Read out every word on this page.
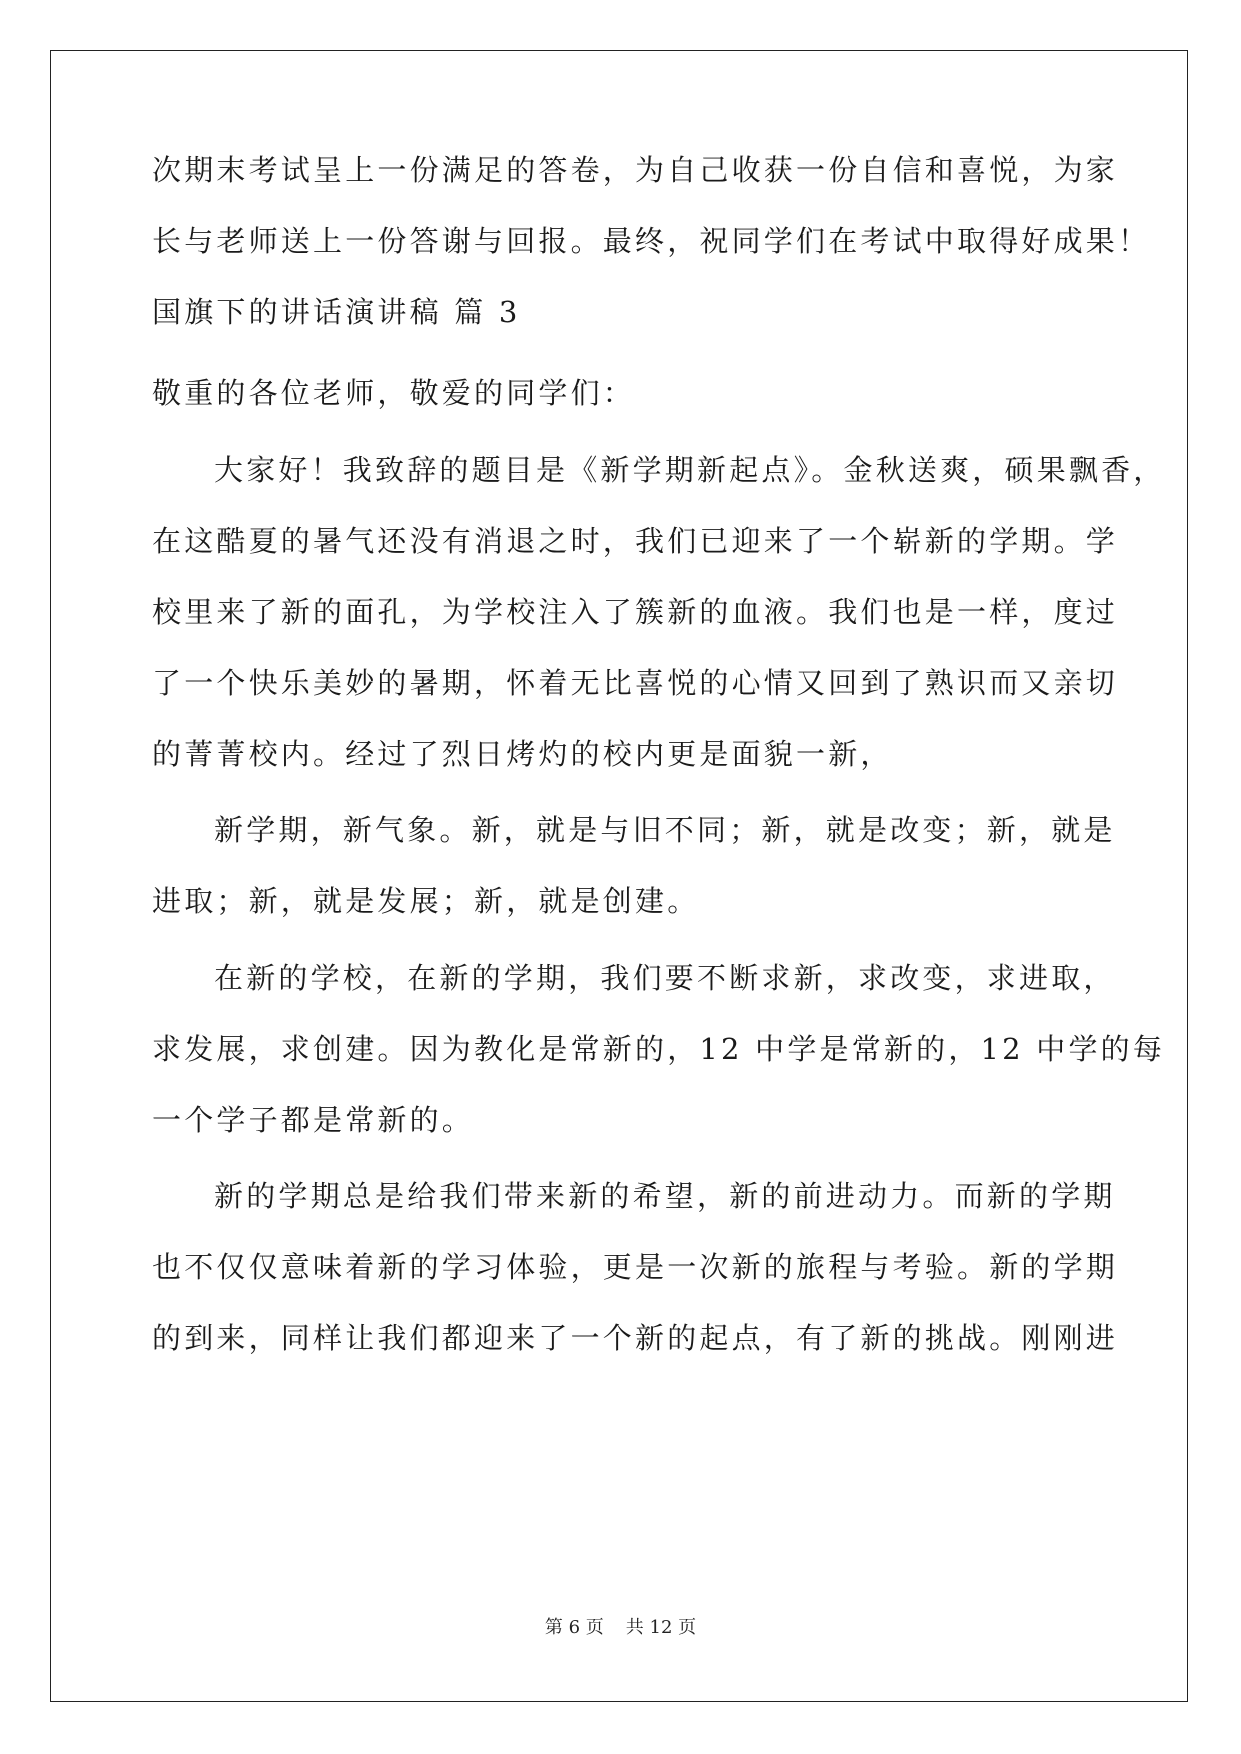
次期末考试呈上一份满足的答卷，为自己收获一份自信和喜悦，为家
长与老师送上一份答谢与回报。最终，祝同学们在考试中取得好成果！
国旗下的讲话演讲稿 篇 3
敬重的各位老师，敬爱的同学们：
大家好！我致辞的题目是《新学期新起点》。金秋送爽，硕果飘香，
在这酷夏的暑气还没有消退之时，我们已迎来了一个崭新的学期。学
校里来了新的面孔，为学校注入了簇新的血液。我们也是一样，度过
了一个快乐美妙的暑期，怀着无比喜悦的心情又回到了熟识而又亲切
的菁菁校内。经过了烈日烤灼的校内更是面貌一新，
新学期，新气象。新，就是与旧不同；新，就是改变；新，就是
进取；新，就是发展；新，就是创建。
在新的学校，在新的学期，我们要不断求新，求改变，求进取，
求发展，求创建。因为教化是常新的，12 中学是常新的，12 中学的每
一个学子都是常新的。
新的学期总是给我们带来新的希望，新的前进动力。而新的学期
也不仅仅意味着新的学习体验，更是一次新的旅程与考验。新的学期
的到来，同样让我们都迎来了一个新的起点，有了新的挑战。刚刚进
第 6 页 共 12 页
